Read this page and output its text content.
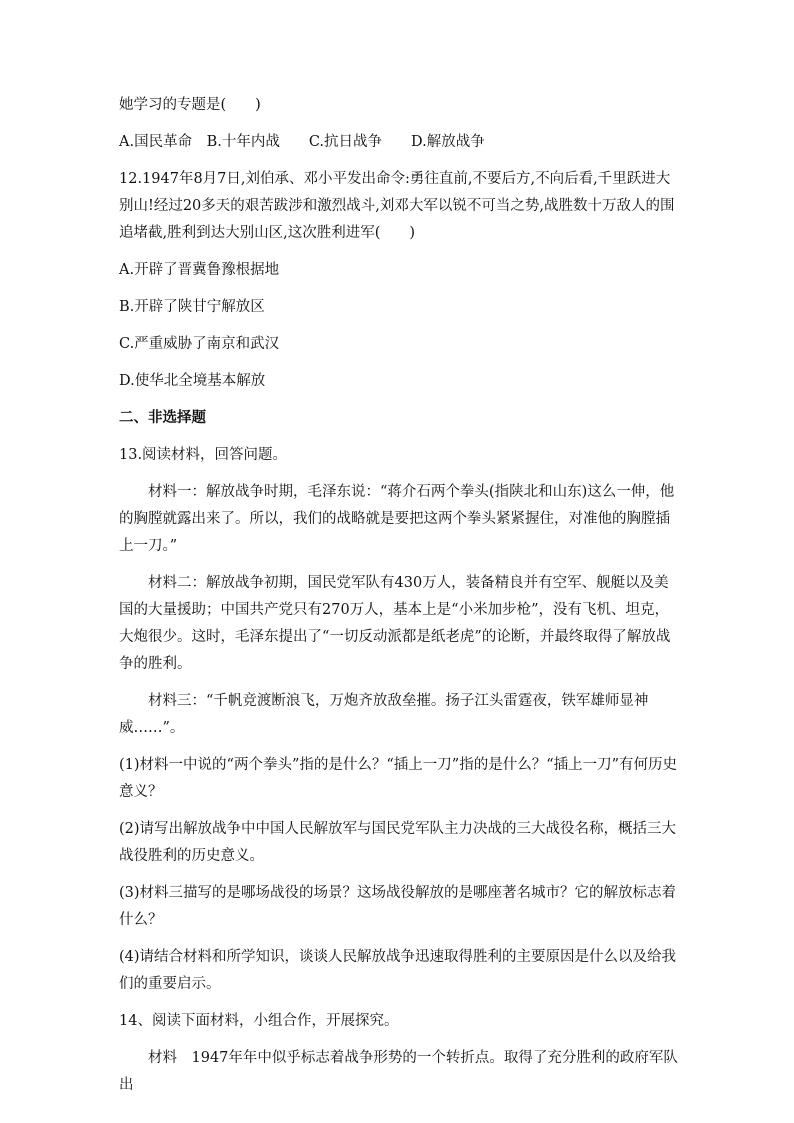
她学习的专题是(　　)

A.国民革命　B.十年内战　　C.抗日战争　　D.解放战争

12.1947年8月7日,刘伯承、邓小平发出命令:勇往直前,不要后方,不向后看,千里跃进大别山!经过20多天的艰苦跋涉和激烈战斗,刘邓大军以锐不可当之势,战胜数十万敌人的围追堵截,胜利到达大别山区,这次胜利进军(　　)

A.开辟了晋冀鲁豫根据地

B.开辟了陕甘宁解放区

C.严重威胁了南京和武汉

D.使华北全境基本解放

二、非选择题

13.阅读材料，回答问题。

材料一：解放战争时期，毛泽东说：“蒋介石两个拳头(指陕北和山东)这么一伸，他的胸膛就露出来了。所以，我们的战略就是要把这两个拳头紧紧握住，对准他的胸膛插上一刀。”

材料二：解放战争初期，国民党军队有430万人，装备精良并有空军、舰艇以及美国的大量援助；中国共产党只有270万人，基本上是“小米加步枪”，没有飞机、坦克，大炮很少。这时，毛泽东提出了“一切反动派都是纸老虎”的论断，并最终取得了解放战争的胜利。

材料三：“千帆竞渡断浪飞，万炮齐放敌垒摧。扬子江头雷霆夜，铁军雄师显神威……”。

(1)材料一中说的“两个拳头”指的是什么？“插上一刀”指的是什么？“插上一刀”有何历史意义？

(2)请写出解放战争中中国人民解放军与国民党军队主力决战的三大战役名称，概括三大战役胜利的历史意义。

(3)材料三描写的是哪场战役的场景？这场战役解放的是哪座著名城市？它的解放标志着什么？

(4)请结合材料和所学知识，谈谈人民解放战争迅速取得胜利的主要原因是什么以及给我们的重要启示。

14、阅读下面材料，小组合作，开展探究。

材料　1947年年中似乎标志着战争形势的一个转折点。取得了充分胜利的政府军队出
